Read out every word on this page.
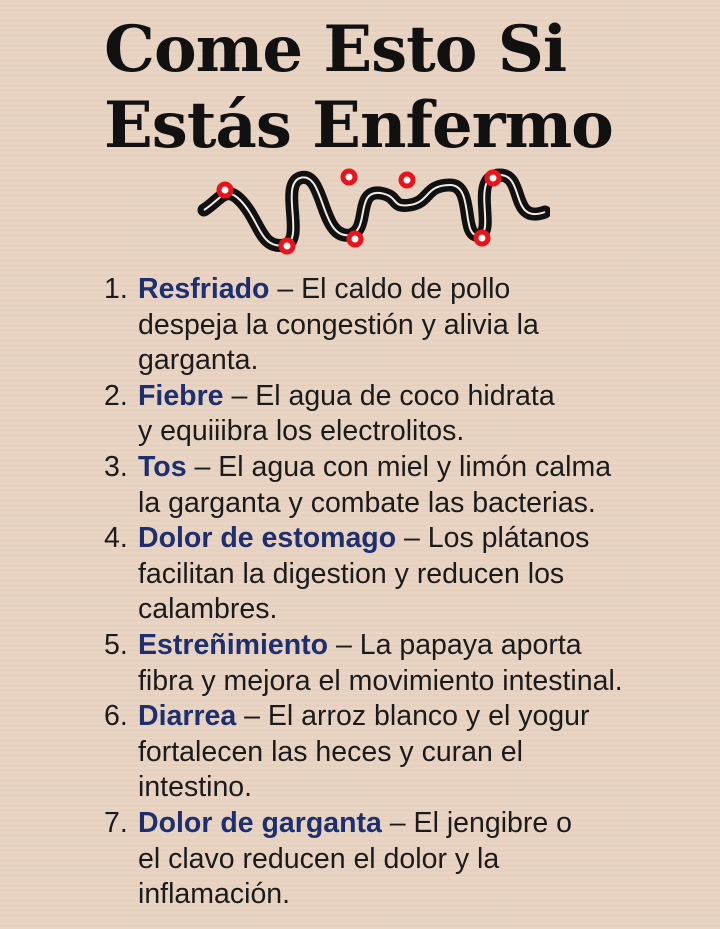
Come Esto Si
Estás Enfermo
1. Resfriado – El caldo de pollo
despeja la congestión y alivia la
garganta.
2. Fiebre – El agua de coco hidrata
y equiiibra los electrolitos.
3. Tos – El agua con miel y limón calma
la garganta y combate las bacterias.
4. Dolor de estomago – Los plátanos
facilitan la digestion y reducen los
calambres.
5. Estreñimiento – La papaya aporta
fibra y mejora el movimiento intestinal.
6. Diarrea – El arroz blanco y el yogur
fortalecen las heces y curan el
intestino.
7. Dolor de garganta – El jengibre o
el clavo reducen el dolor y la
inflamación.
